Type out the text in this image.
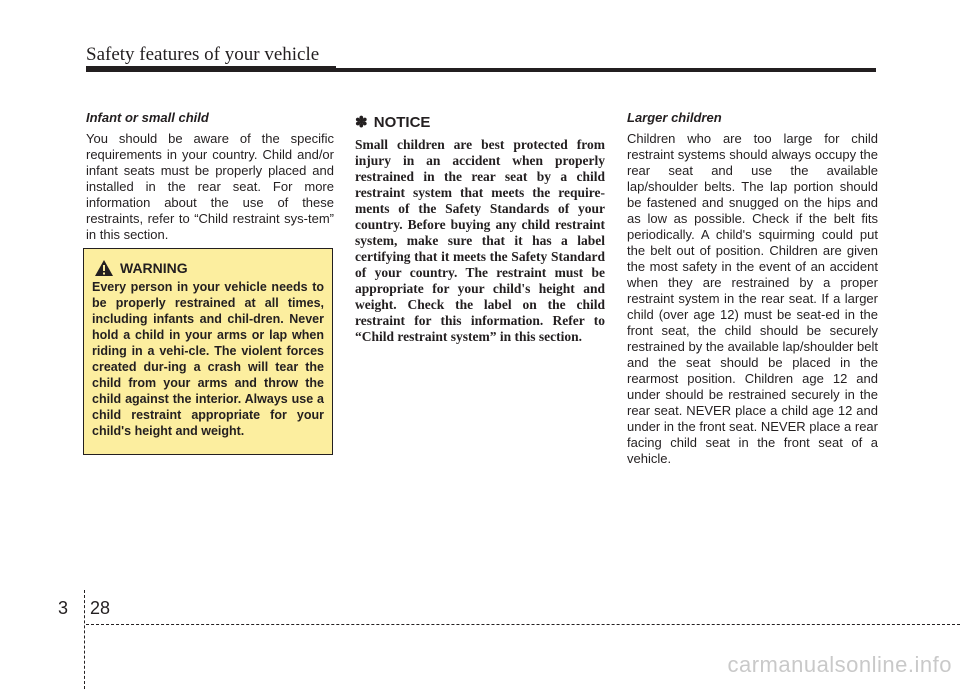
Safety features of your vehicle

Infant or small child

You should be aware of the specific requirements in your country. Child and/or infant seats must be properly placed and installed in the rear seat. For more information about the use of these restraints, refer to “Child restraint sys-tem” in this section.

WARNING

Every person in your vehicle needs to be properly restrained at all times, including infants and chil-dren. Never hold a child in your arms or lap when riding in a vehi-cle. The violent forces created dur-ing a crash will tear the child from your arms and throw the child against the interior. Always use a child restraint appropriate for your child's height and weight.

✽ NOTICE

Small children are best protected from injury in an accident when properly restrained in the rear seat by a child restraint system that meets the require-ments of the Safety Standards of your country. Before buying any child restraint system, make sure that it has a label certifying that it meets the Safety Standard of your country. The restraint must be appropriate for your child's height and weight. Check the label on the child restraint for this information. Refer to “Child restraint system” in this section.

Larger children

Children who are too large for child restraint systems should always occupy the rear seat and use the available lap/shoulder belts. The lap portion should be fastened and snugged on the hips and as low as possible. Check if the belt fits periodically. A child's squirming could put the belt out of position. Children are given the most safety in the event of an accident when they are restrained by a proper restraint system in the rear seat. If a larger child (over age 12) must be seat-ed in the front seat, the child should be securely restrained by the available lap/shoulder belt and the seat should be placed in the rearmost position. Children age 12 and under should be restrained securely in the rear seat. NEVER place a child age 12 and under in the front seat. NEVER place a rear facing child seat in the front seat of a vehicle.

3 28
carmanualsonline.info
